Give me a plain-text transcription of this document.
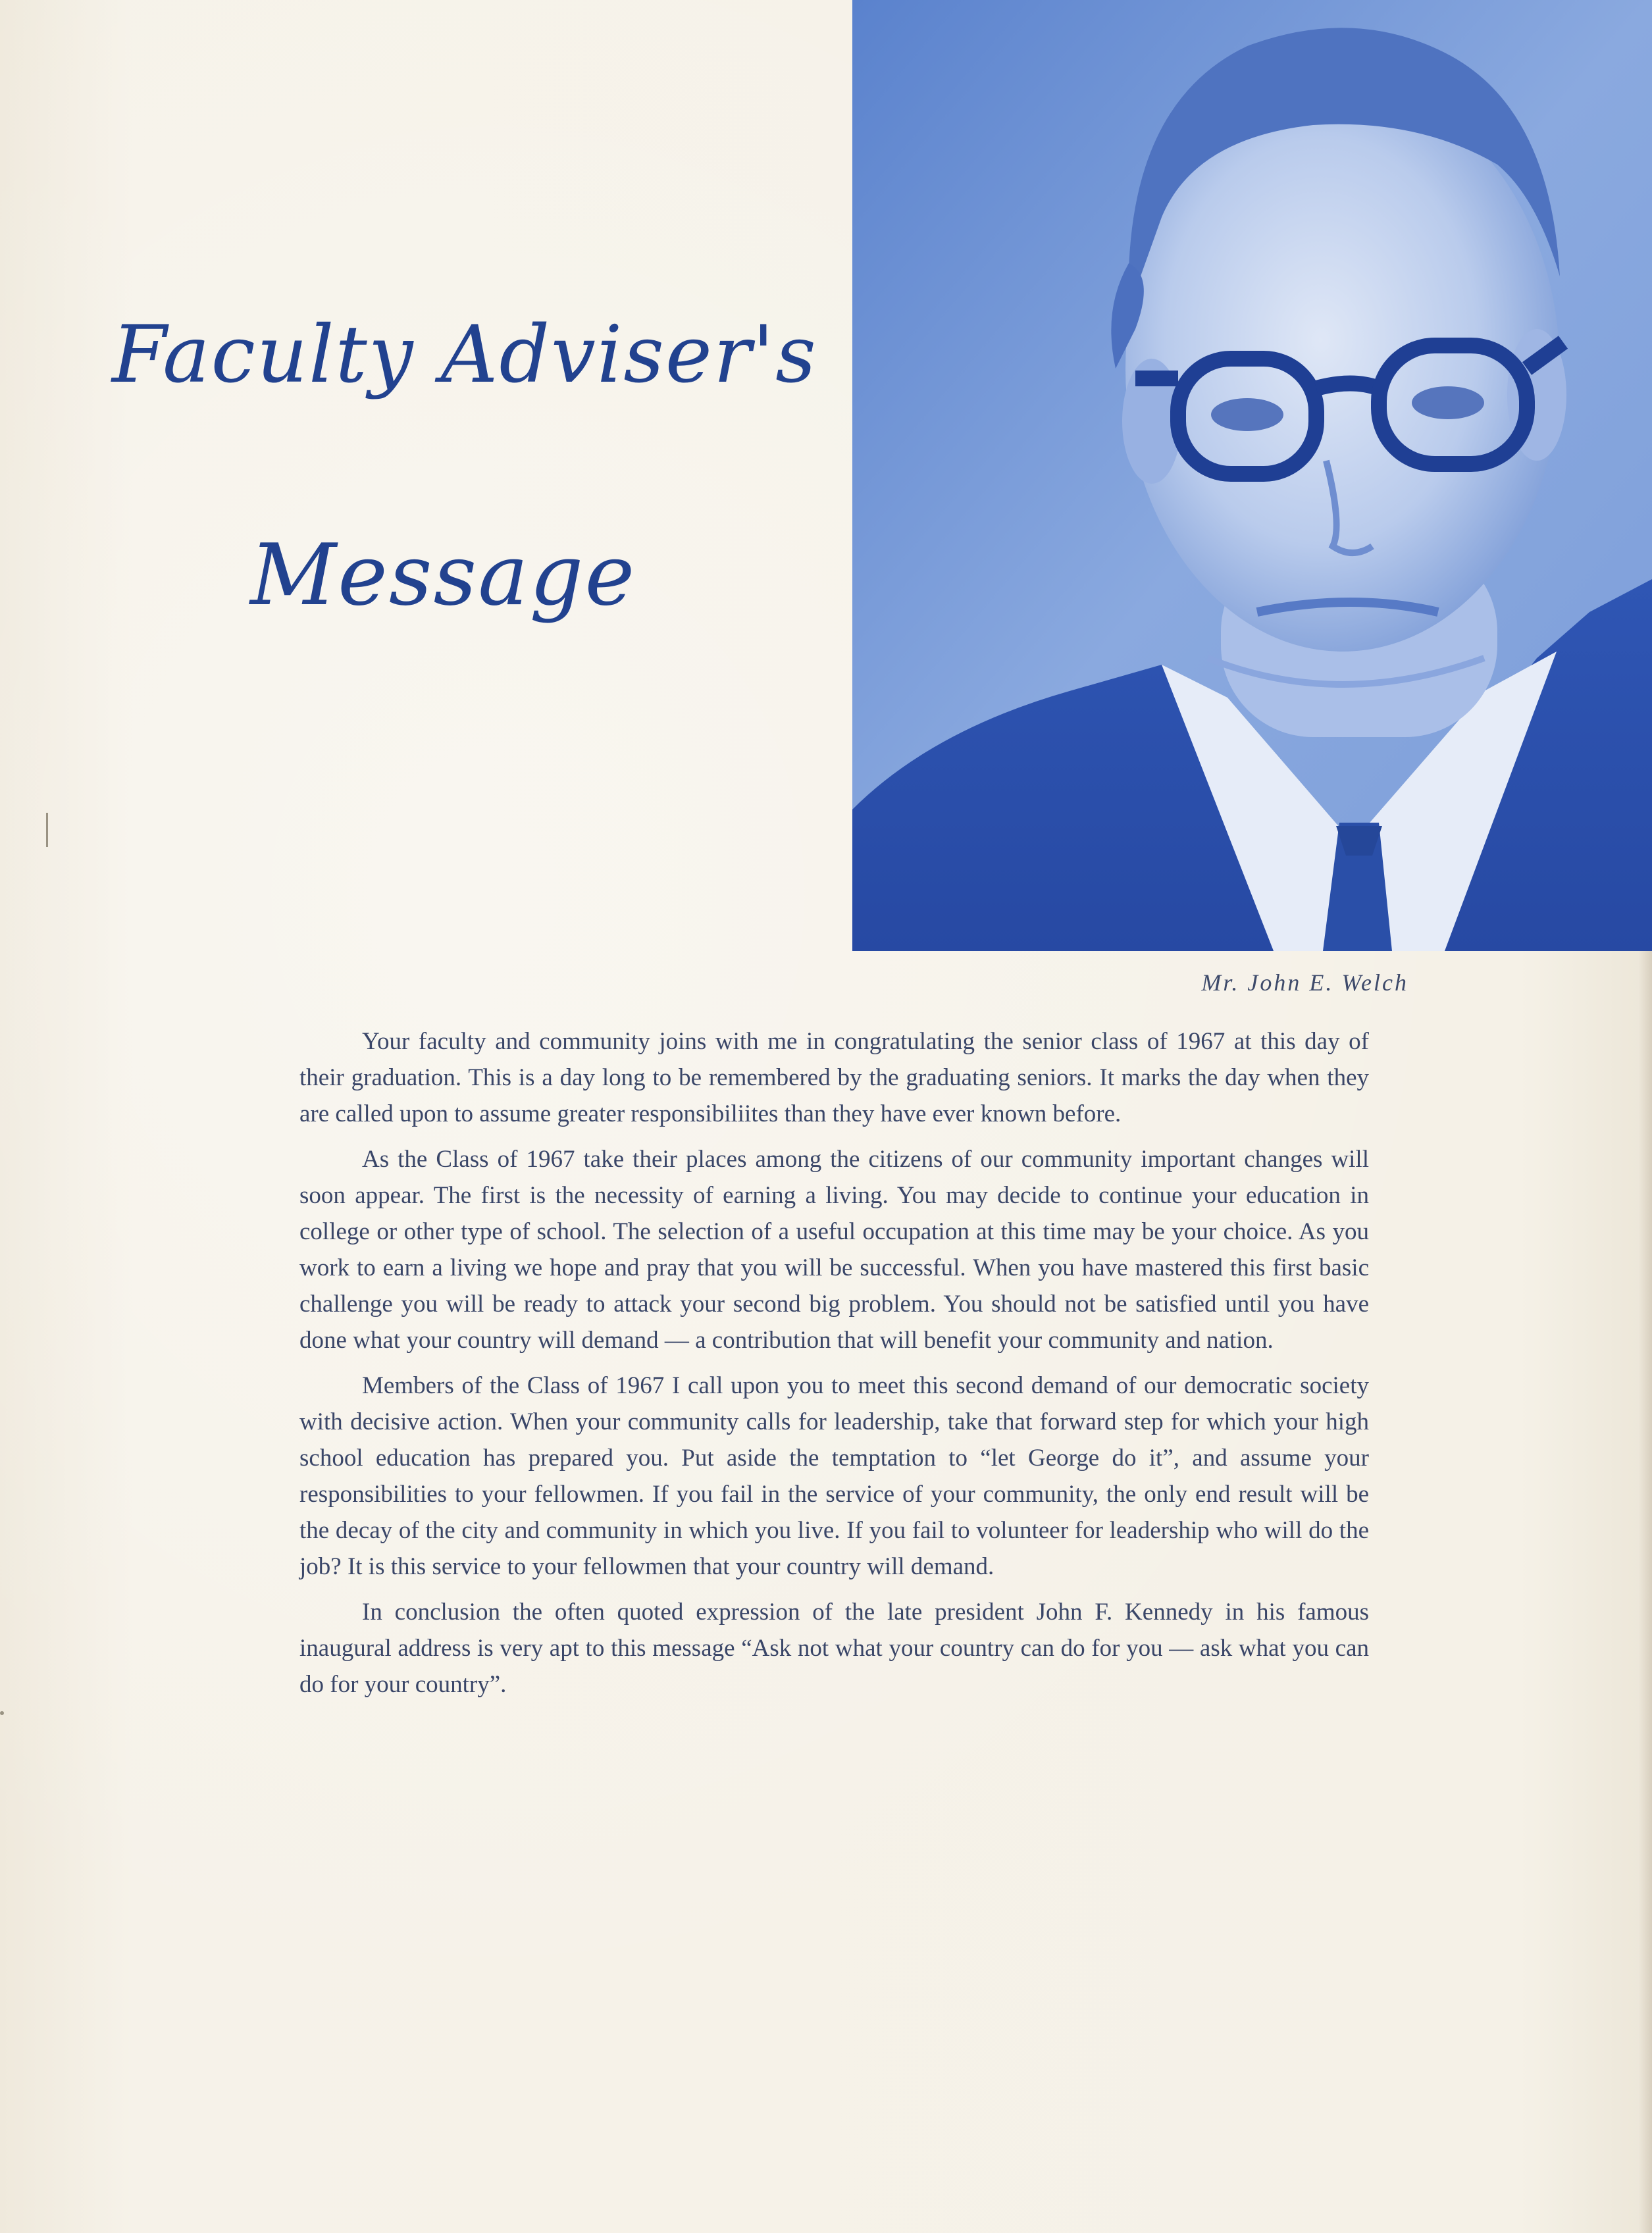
Faculty Adviser's
Message
Mr. John E. Welch

Your faculty and community joins with me in congratulating the senior class of 1967 at this day of their graduation. This is a day long to be remembered by the graduating seniors. It marks the day when they are called upon to assume greater responsibiliites than they have ever known before.

As the Class of 1967 take their places among the citizens of our community important changes will soon appear. The first is the necessity of earning a living. You may decide to continue your education in college or other type of school. The selection of a useful occupation at this time may be your choice. As you work to earn a living we hope and pray that you will be successful. When you have mastered this first basic challenge you will be ready to attack your second big problem. You should not be satisfied until you have done what your country will demand — a contribution that will benefit your community and nation.

Members of the Class of 1967 I call upon you to meet this second demand of our democratic society with decisive action. When your community calls for leadership, take that forward step for which your high school education has prepared you. Put aside the temptation to “let George do it”, and assume your responsibilities to your fellowmen. If you fail in the service of your community, the only end result will be the decay of the city and community in which you live. If you fail to volunteer for leadership who will do the job? It is this service to your fellowmen that your country will demand.

In conclusion the often quoted expression of the late president John F. Kennedy in his famous inaugural address is very apt to this message “Ask not what your country can do for you — ask what you can do for your country”.
